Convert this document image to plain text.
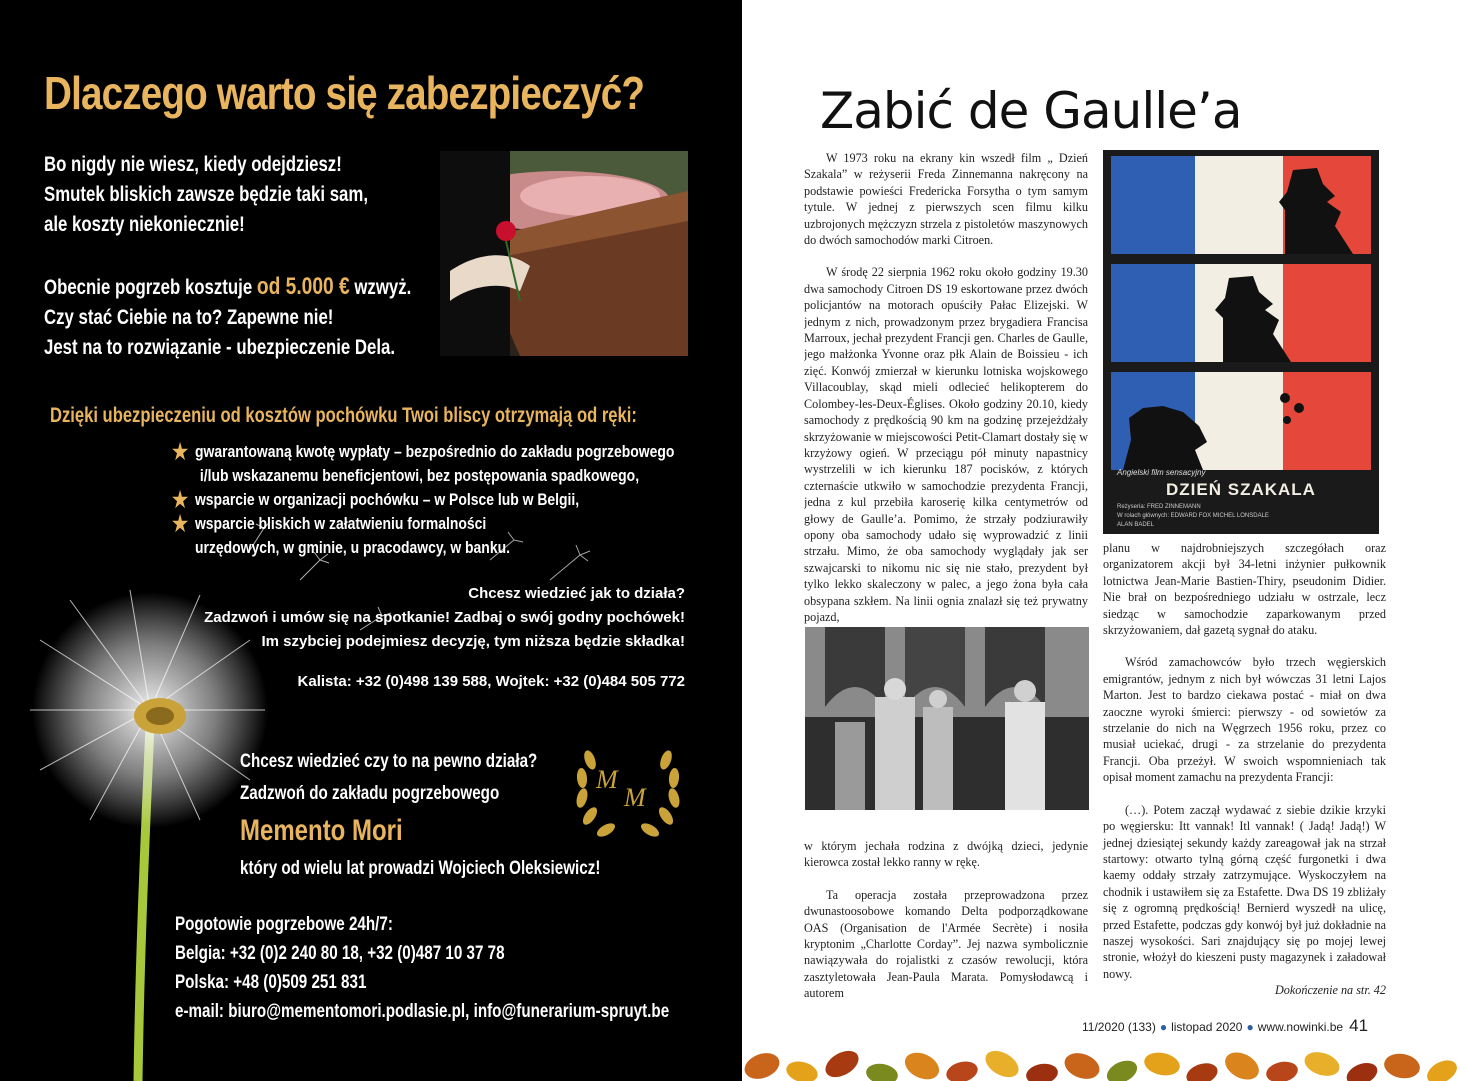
Dlaczego warto się zabezpieczyć?
Bo nigdy nie wiesz, kiedy odejdziesz!
Smutek bliskich zawsze będzie taki sam,
ale koszty niekoniecznie!
Obecnie pogrzeb kosztuje od 5.000 € wzwyż.
Czy stać Ciebie na to? Zapewne nie!
Jest na to rozwiązanie - ubezpieczenie Dela.
Dzięki ubezpieczeniu od kosztów pochówku Twoi bliscy otrzymają od ręki:
★ gwarantowaną kwotę wypłaty – bezpośrednio do zakładu pogrzebowego
i/lub wskazanemu beneficjentowi, bez postępowania spadkowego,
★ wsparcie w organizacji pochówku – w Polsce lub w Belgii,
★ wsparcie bliskich w załatwieniu formalności
urzędowych, w gminie, u pracodawcy, w banku.
Chcesz wiedzieć jak to działa?
Zadzwoń i umów się na spotkanie! Zadbaj o swój godny pochówek!
Im szybciej podejmiesz decyzję, tym niższa będzie składka!
Kalista: +32 (0)498 139 588, Wojtek: +32 (0)484 505 772
Chcesz wiedzieć czy to na pewno działa?
Zadzwoń do zakładu pogrzebowego
Memento Mori
który od wielu lat prowadzi Wojciech Oleksiewicz!
M
M
Pogotowie pogrzebowe 24h/7:
Belgia: +32 (0)2 240 80 18, +32 (0)487 10 37 78
Polska: +48 (0)509 251 831
e-mail: biuro@mementomori.podlasie.pl, info@funerarium-spruyt.be
Zabić de Gaulle’a

W 1973 roku na ekrany kin wszedł film „ Dzień Szakala” w reżyserii Freda Zinnemanna nakręcony na podstawie powieści Fredericka Forsytha o tym samym tytule. W jednej z pierwszych scen filmu kilku uzbrojonych mężczyzn strzela z pistoletów maszynowych do dwóch samochodów marki Citroen.

W środę 22 sierpnia 1962 roku około godziny 19.30 dwa samochody Citroen DS 19 eskortowane przez dwóch policjantów na motorach opuściły Pałac Elizejski. W jednym z nich, prowadzonym przez brygadiera Francisa Marroux, jechał prezydent Francji gen. Charles de Gaulle, jego małżonka Yvonne oraz płk Alain de Boissieu - ich zięć. Konwój zmierzał w kierunku lotniska wojskowego Villacoublay, skąd mieli odlecieć helikopterem do Colombey-les-Deux-Églises. Około godziny 20.10, kiedy samochody z prędkością 90 km na godzinę przejeżdżały skrzyżowanie w miejscowości Petit-Clamart dostały się w krzyżowy ogień. W przeciągu pół minuty napastnicy wystrzelili w ich kierunku 187 pocisków, z których czternaście utkwiło w samochodzie prezydenta Francji, jedna z kul przebiła karoserię kilka centymetrów od głowy de Gaulle’a. Pomimo, że strzały podziurawiły opony oba samochody udało się wyprowadzić z linii strzału. Mimo, że oba samochody wyglądały jak ser szwajcarski to nikomu nic się nie stało, prezydent był tylko lekko skaleczony w palec, a jego żona była cała obsypana szkłem. Na linii ognia znalazł się też prywatny pojazd,

w którym jechała rodzina z dwójką dzieci, jedynie kierowca został lekko ranny w rękę.

Ta operacja została przeprowadzona przez dwunastoosobowe komando Delta podporządkowane OAS (Organisation de l'Armée Secrète) i nosiła kryptonim „Charlotte Corday”. Jej nazwa symbolicznie nawiązywała do rojalistki z czasów rewolucji, która zasztyletowała Jean-Paula Marata. Pomysłodawcą i autorem

Angielski film sensacyjny
DZIEŃ SZAKALA
Reżyseria: FRED ZINNEMANN
W rolach głównych: EDWARD FOX MICHEL LONSDALE
ALAN BADEL

planu w najdrobniejszych szczegółach oraz organizatorem akcji był 34-letni inżynier pułkownik lotnictwa Jean-Marie Bastien-Thiry, pseudonim Didier. Nie brał on bezpośredniego udziału w ostrzale, lecz siedząc w samochodzie zaparkowanym przed skrzyżowaniem, dał gazetą sygnał do ataku.

Wśród zamachowców było trzech węgierskich emigrantów, jednym z nich był wówczas 31 letni Lajos Marton. Jest to bardzo ciekawa postać - miał on dwa zaoczne wyroki śmierci: pierwszy - od sowietów za strzelanie do nich na Węgrzech 1956 roku, przez co musiał uciekać, drugi - za strzelanie do prezydenta Francji. Oba przeżył. W swoich wspomnieniach tak opisał moment zamachu na prezydenta Francji:

(…). Potem zaczął wydawać z siebie dzikie krzyki po węgiersku: Itt vannak! Itl vannak! ( Jadą! Jadą!) W jednej dziesiątej sekundy każdy zareagował jak na strzał startowy: otwarto tylną górną część furgonetki i dwa kaemy oddały strzały zatrzymujące. Wyskoczyłem na chodnik i ustawiłem się za Estafette. Dwa DS 19 zbliżały się z ogromną prędkością! Bernierd wyszedł na ulicę, przed Estafette, podczas gdy konwój był już dokładnie na naszej wysokości. Sari znajdujący się po mojej lewej stronie, włożył do kieszeni pusty magazynek i załadował nowy.

Dokończenie na str. 42
11/2020 (133) ● listopad 2020 ● www.nowinki.be 41
